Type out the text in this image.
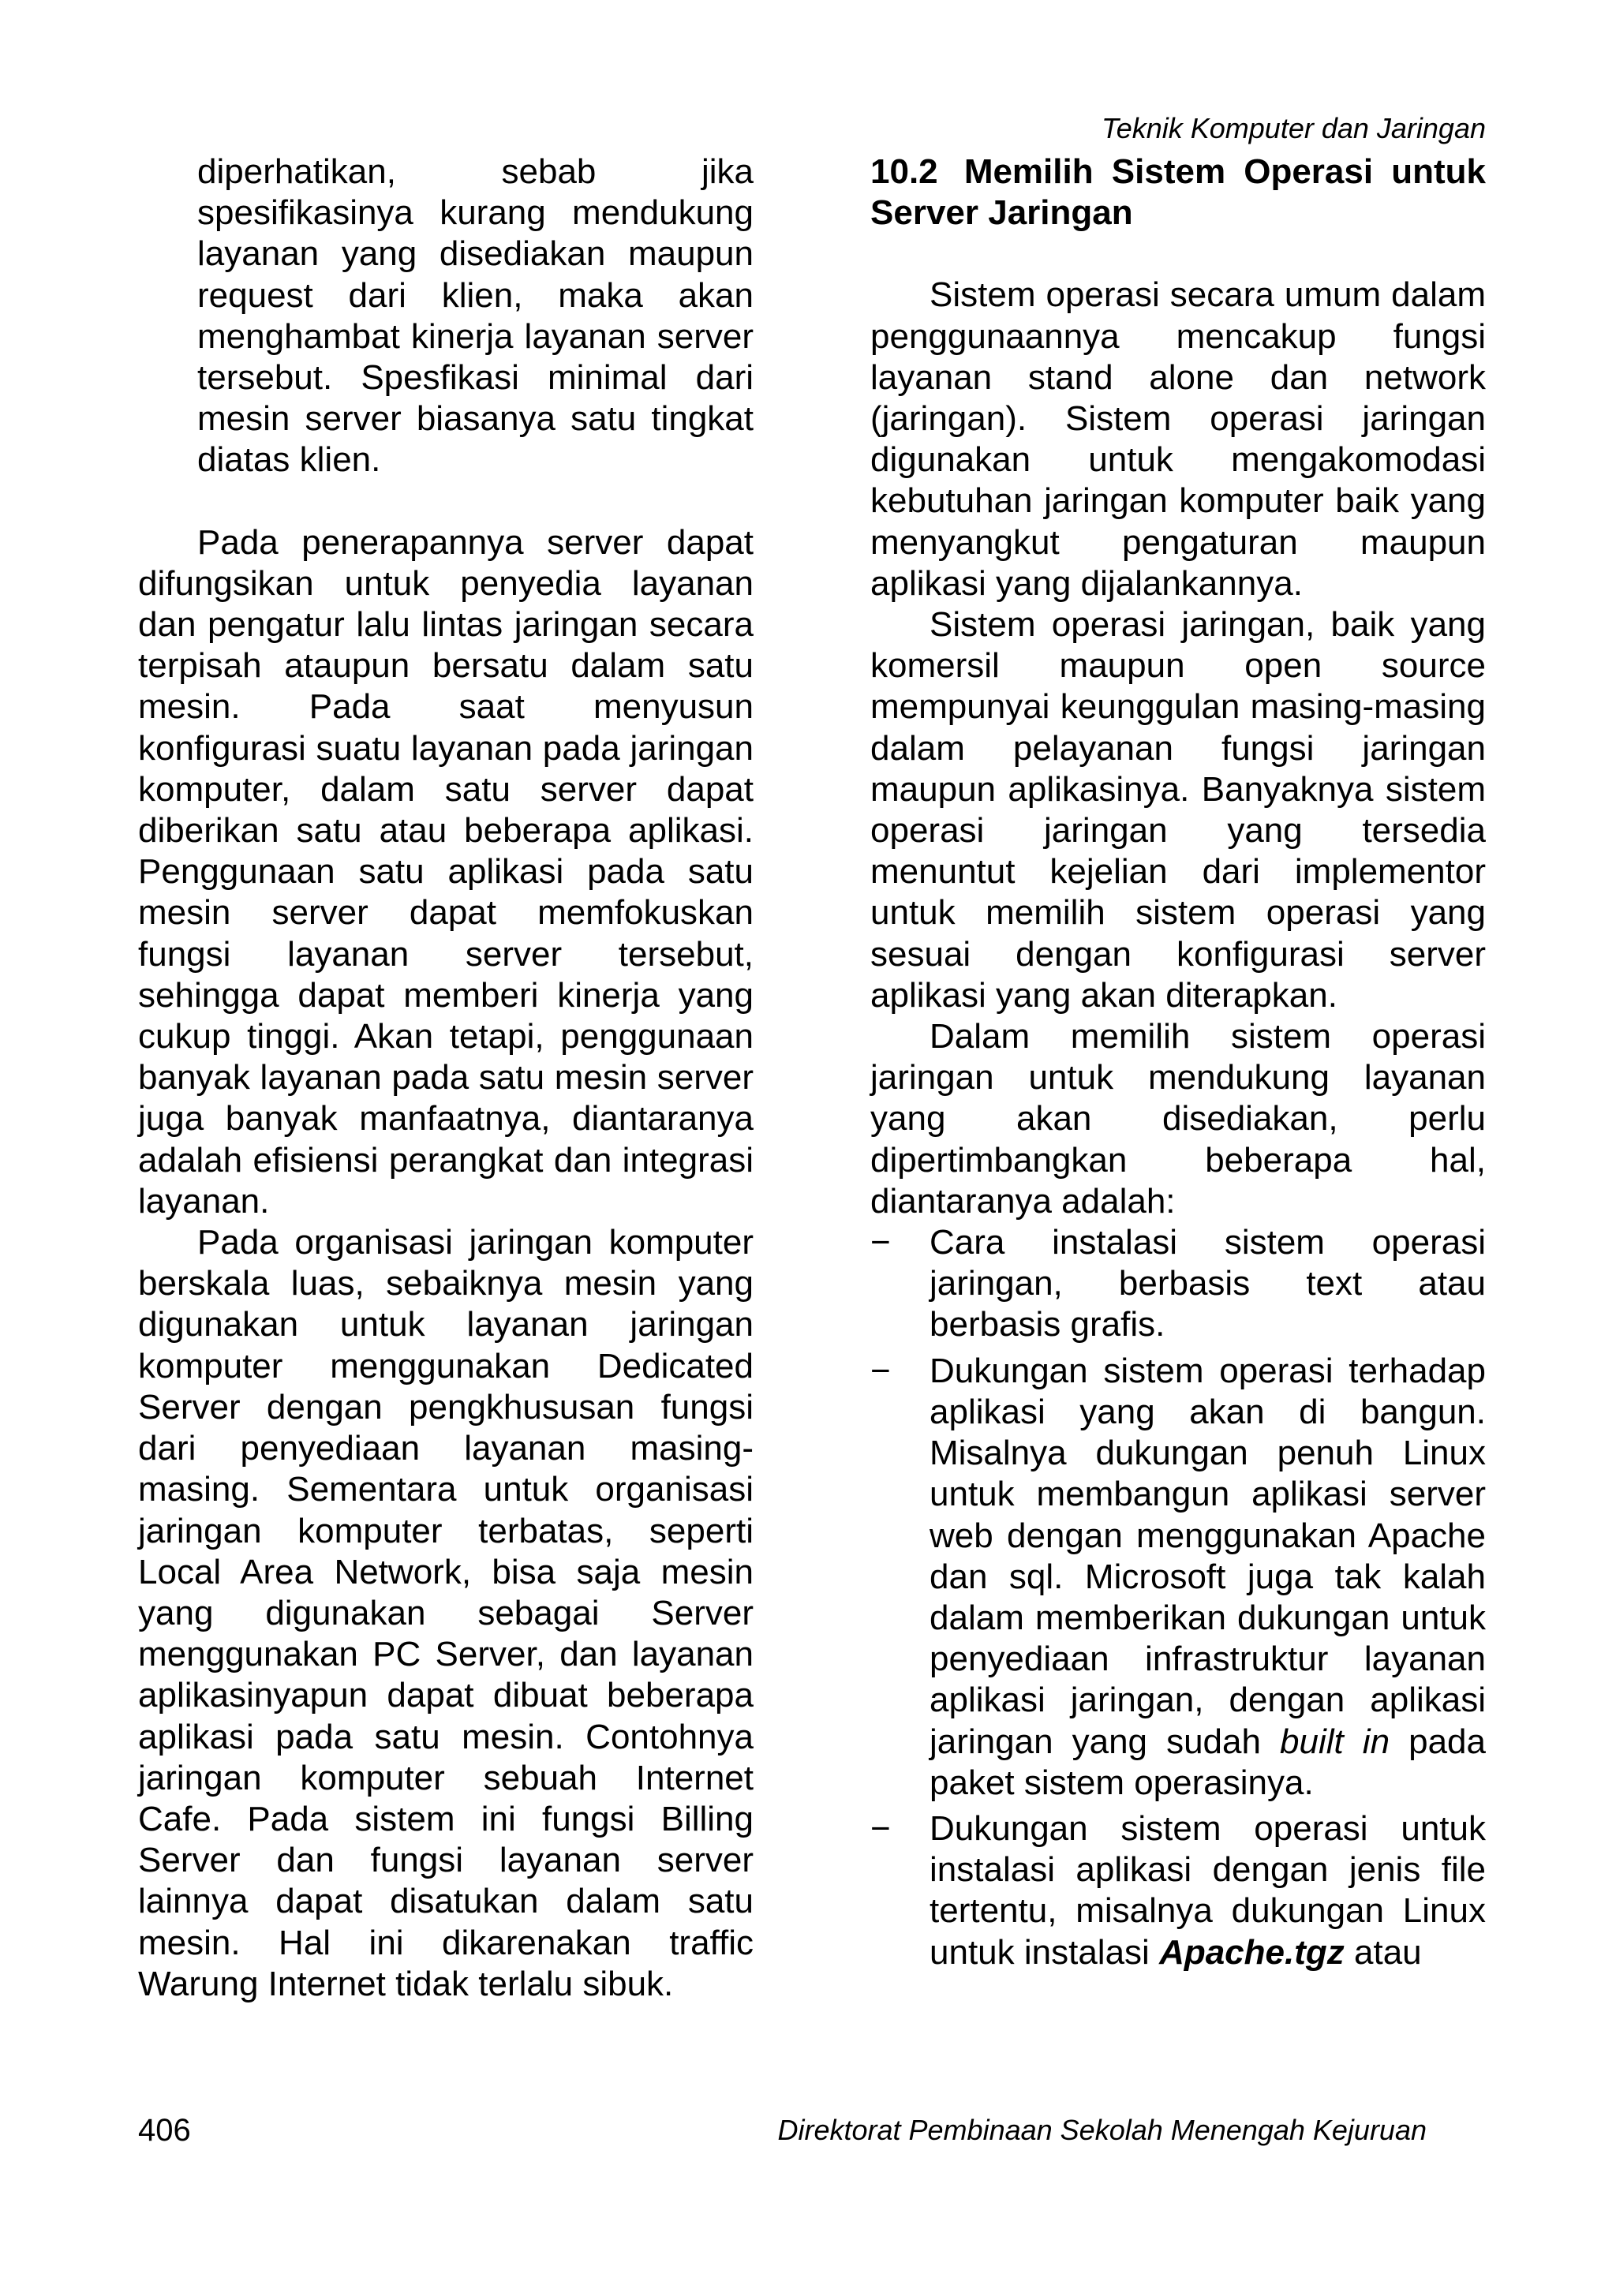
Teknik Komputer dan Jaringan

diperhatikan, sebab jika spesifikasinya kurang mendukung layanan yang disediakan maupun request dari klien, maka akan menghambat kinerja layanan server tersebut. Spesfikasi minimal dari mesin server biasanya satu tingkat diatas klien.

Pada penerapannya server dapat difungsikan untuk penyedia layanan dan pengatur lalu lintas jaringan secara terpisah ataupun bersatu dalam satu mesin. Pada saat menyusun konfigurasi suatu layanan pada jaringan komputer, dalam satu server dapat diberikan satu atau beberapa aplikasi. Penggunaan satu aplikasi pada satu mesin server dapat memfokuskan fungsi layanan server tersebut, sehingga dapat memberi kinerja yang cukup tinggi. Akan tetapi, penggunaan banyak layanan pada satu mesin server juga banyak manfaatnya, diantaranya adalah efisiensi perangkat dan integrasi layanan.

Pada organisasi jaringan komputer berskala luas, sebaiknya mesin yang digunakan untuk layanan jaringan komputer menggunakan Dedicated Server dengan pengkhususan fungsi dari penyediaan layanan masing-masing. Sementara untuk organisasi jaringan komputer terbatas, seperti Local Area Network, bisa saja mesin yang digunakan sebagai Server menggunakan PC Server, dan layanan aplikasinyapun dapat dibuat beberapa aplikasi pada satu mesin. Contohnya jaringan komputer sebuah Internet Cafe. Pada sistem ini fungsi Billing Server dan fungsi layanan server lainnya dapat disatukan dalam satu mesin. Hal ini dikarenakan traffic Warung Internet tidak terlalu sibuk.

10.2 Memilih Sistem Operasi untuk Server Jaringan

Sistem operasi secara umum dalam penggunaannya mencakup fungsi layanan stand alone dan network (jaringan). Sistem operasi jaringan digunakan untuk mengakomodasi kebutuhan jaringan komputer baik yang menyangkut pengaturan maupun aplikasi yang dijalankannya.

Sistem operasi jaringan, baik yang komersil maupun open source mempunyai keunggulan masing-masing dalam pelayanan fungsi jaringan maupun aplikasinya. Banyaknya sistem operasi jaringan yang tersedia menuntut kejelian dari implementor untuk memilih sistem operasi yang sesuai dengan konfigurasi server aplikasi yang akan diterapkan.

Dalam memilih sistem operasi jaringan untuk mendukung layanan yang akan disediakan, perlu dipertimbangkan beberapa hal, diantaranya adalah:

− Cara instalasi sistem operasi jaringan, berbasis text atau berbasis grafis.
− Dukungan sistem operasi terhadap aplikasi yang akan di bangun. Misalnya dukungan penuh Linux untuk membangun aplikasi server web dengan menggunakan Apache dan sql. Microsoft juga tak kalah dalam memberikan dukungan untuk penyediaan infrastruktur layanan aplikasi jaringan, dengan aplikasi jaringan yang sudah built in pada paket sistem operasinya.
− Dukungan sistem operasi untuk instalasi aplikasi dengan jenis file tertentu, misalnya dukungan Linux untuk instalasi Apache.tgz atau
406	Direktorat Pembinaan Sekolah Menengah Kejuruan
